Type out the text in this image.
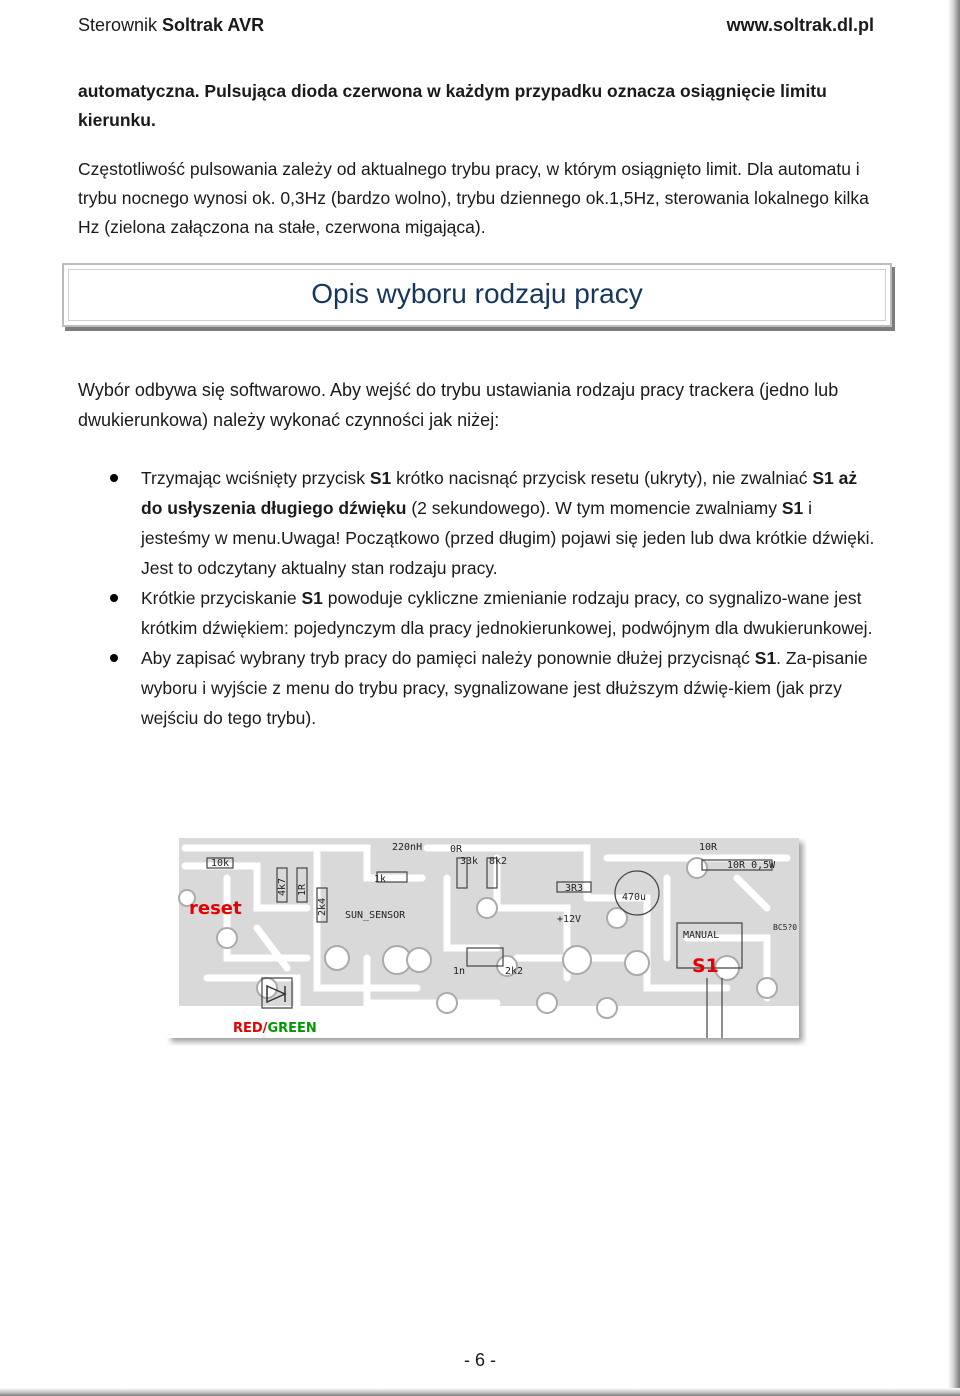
Sterownik Soltrak AVR	www.soltrak.dl.pl

automatyczna. Pulsująca dioda czerwona w każdym przypadku oznacza osiągnięcie limitu kierunku.

Częstotliwość pulsowania zależy od aktualnego trybu pracy, w którym osiągnięto limit. Dla automatu i trybu nocnego wynosi ok. 0,3Hz (bardzo wolno), trybu dziennego ok.1,5Hz, sterowania lokalnego kilka Hz (zielona załączona na stałe, czerwona migająca).

Opis wyboru rodzaju pracy

Wybór odbywa się softwarowo. Aby wejść do trybu ustawiania rodzaju pracy trackera (jedno lub dwukierunkowa) należy wykonać czynności jak niżej:

Trzymając wciśnięty przycisk S1 krótko nacisnąć przycisk resetu (ukryty), nie zwalniać S1 aż do usłyszenia długiego dźwięku (2 sekundowego). W tym momencie zwalniamy S1 i jesteśmy w menu.Uwaga! Początkowo (przed długim) pojawi się jeden lub dwa krótkie dźwięki. Jest to odczytany aktualny stan rodzaju pracy.
Krótkie przyciskanie S1 powoduje cykliczne zmienianie rodzaju pracy, co sygnalizo-wane jest krótkim dźwiękiem: pojedynczym dla pracy jednokierunkowej, podwójnym dla dwukierunkowej.
Aby zapisać wybrany tryb pracy do pamięci należy ponownie dłużej przycisnąć S1. Za-pisanie wyboru i wyjście z menu do trybu pracy, sygnalizowane jest dłuższym dźwię-kiem (jak przy wejściu do tego trybu).
10k
220nH	0R
33k 8k2
10R
10R 0,5W
1k
4k7 1R
2k4
3R3
470u
SUN_SENSOR	+12V
MANUAL
BC5?0
1n	2k2
reset
S1
RED/GREEN
- 6 -
